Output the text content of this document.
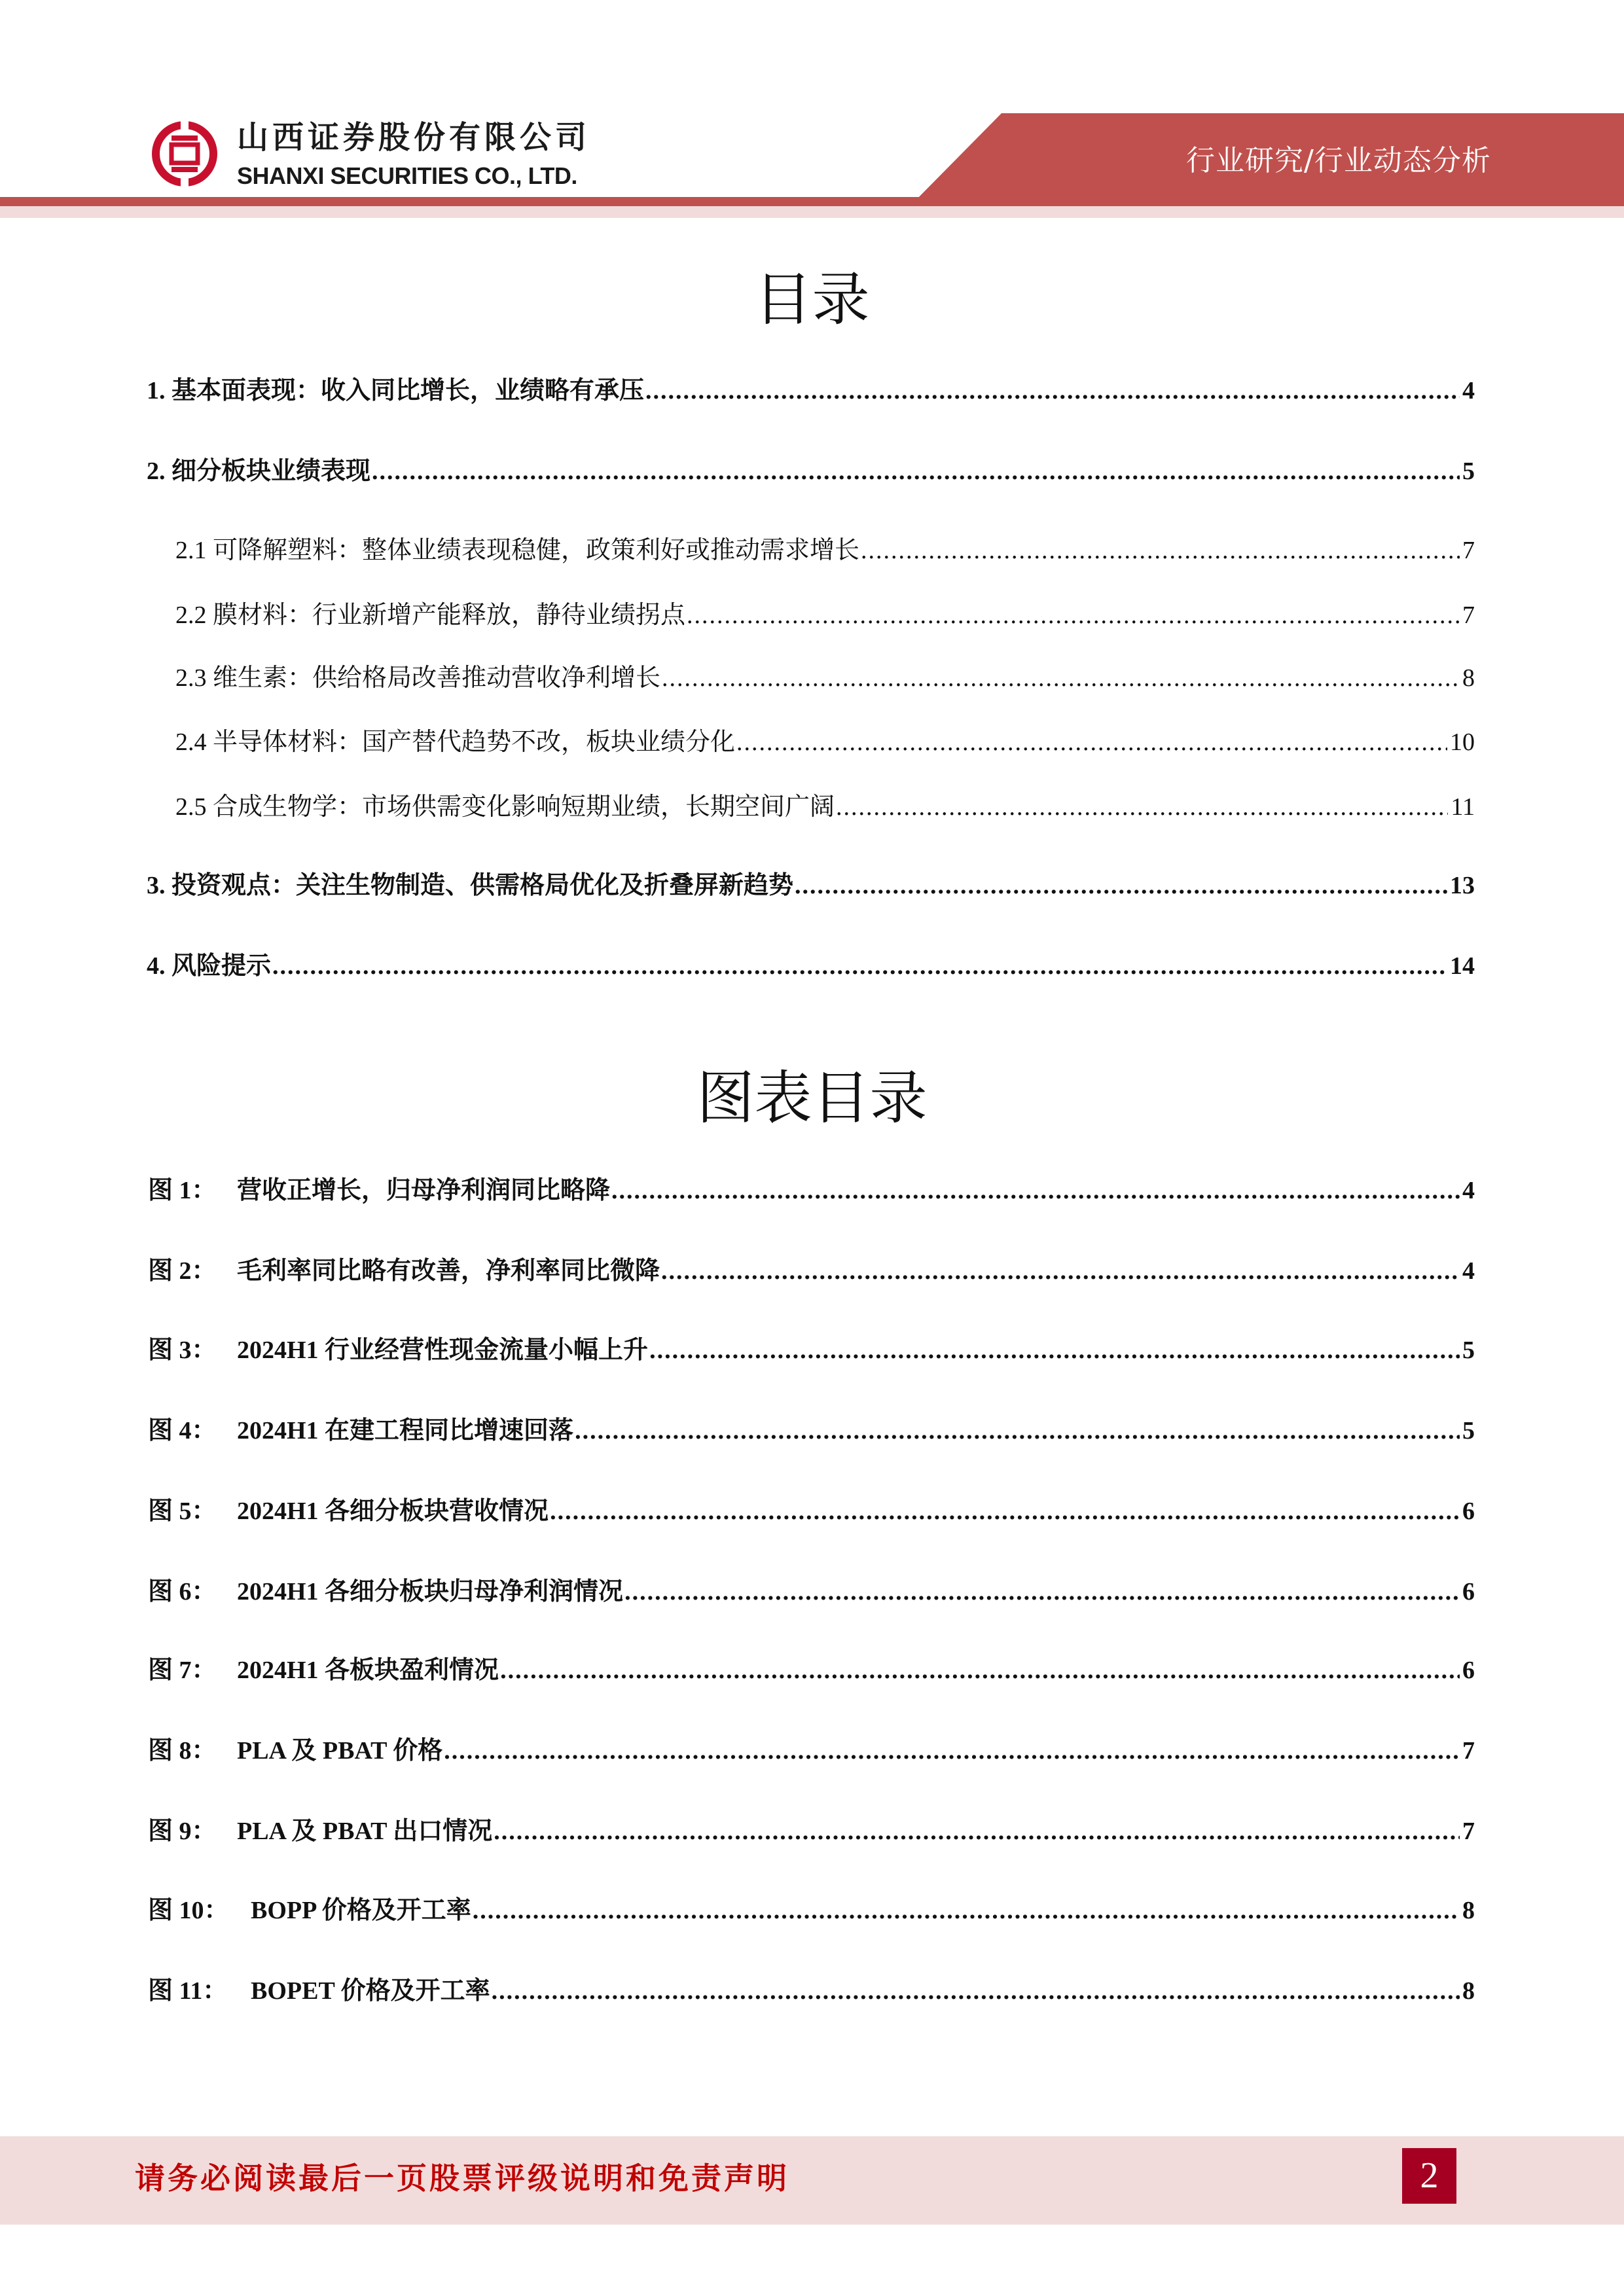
行业研究/行业动态分析
山西证券股份有限公司
SHANXI SECURITIES CO., LTD.
目录
1. 基本面表现：收入同比增长，业绩略有承压 .....	4
2. 细分板块业绩表现 .....	5
2.1 可降解塑料：整体业绩表现稳健，政策利好或推动需求增长 .....	7
2.2 膜材料：行业新增产能释放，静待业绩拐点 .....	7
2.3 维生素：供给格局改善推动营收净利增长 .....	8
2.4 半导体材料：国产替代趋势不改，板块业绩分化 .....	10
2.5 合成生物学：市场供需变化影响短期业绩，长期空间广阔 .....	11
3. 投资观点：关注生物制造、供需格局优化及折叠屏新趋势 .....	13
4. 风险提示 .....	14
图表目录
图 1： 营收正增长，归母净利润同比略降 .....	4
图 2： 毛利率同比略有改善，净利率同比微降 .....	4
图 3： 2024H1 行业经营性现金流量小幅上升 .....	5
图 4： 2024H1 在建工程同比增速回落 .....	5
图 5： 2024H1 各细分板块营收情况 .....	6
图 6： 2024H1 各细分板块归母净利润情况 .....	6
图 7： 2024H1 各板块盈利情况 .....	6
图 8： PLA 及 PBAT 价格 .....	7
图 9： PLA 及 PBAT 出口情况 .....	7
图 10： BOPP 价格及开工率 .....	8
图 11： BOPET 价格及开工率 .....	8
请务必阅读最后一页股票评级说明和免责声明	2
